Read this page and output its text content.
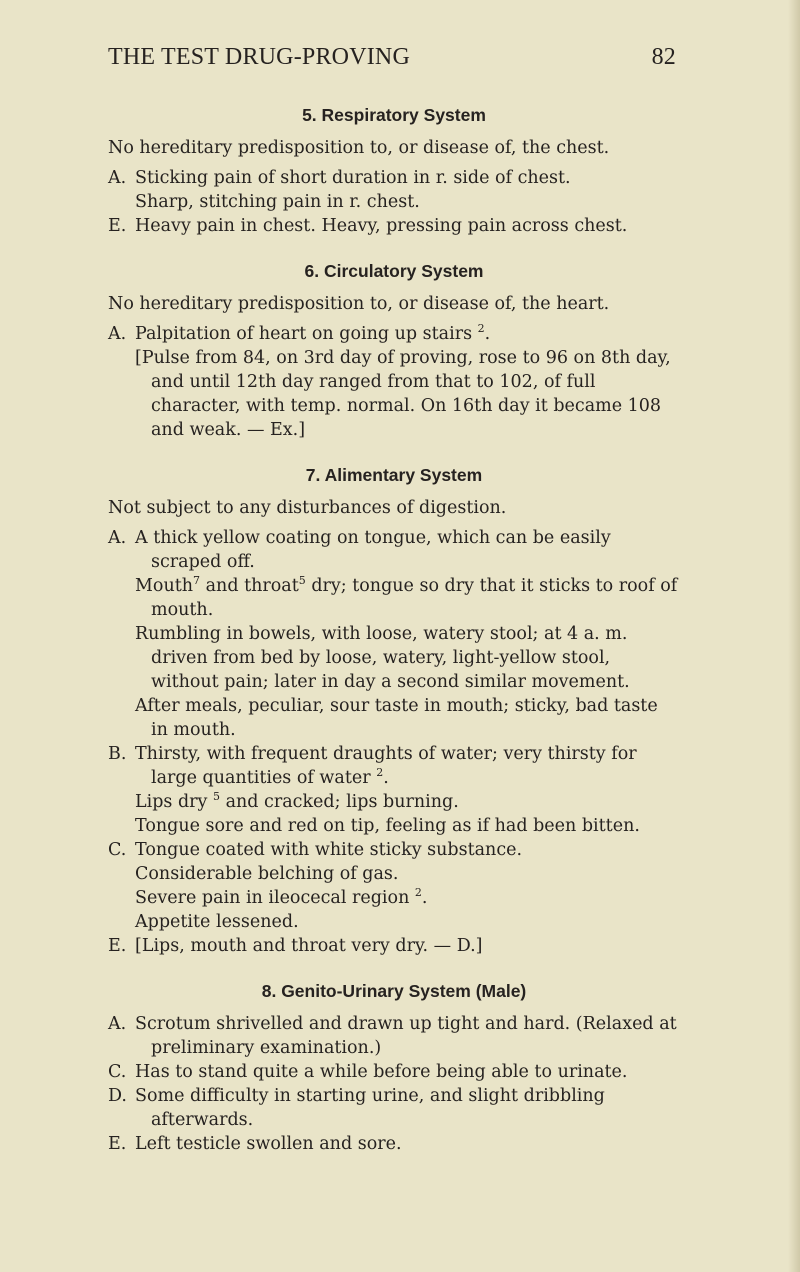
THE TEST DRUG-PROVING	82
5. Respiratory System
No hereditary predisposition to, or disease of, the chest.
A. Sticking pain of short duration in r. side of chest.
Sharp, stitching pain in r. chest.
E. Heavy pain in chest. Heavy, pressing pain across chest.
6. Circulatory System
No hereditary predisposition to, or disease of, the heart.
A. Palpitation of heart on going up stairs $^2$.
[Pulse from 84, on 3rd day of proving, rose to 96 on 8th day, and until 12th day ranged from that to 102, of full character, with temp. normal. On 16th day it became 108 and weak. — Ex.]
7. Alimentary System
Not subject to any disturbances of digestion.
A. A thick yellow coating on tongue, which can be easily scraped off.
Mouth$^7$ and throat$^5$ dry; tongue so dry that it sticks to roof of mouth.
Rumbling in bowels, with loose, watery stool; at 4 a. m. driven from bed by loose, watery, light-yellow stool, without pain; later in day a second similar movement.
After meals, peculiar, sour taste in mouth; sticky, bad taste in mouth.
B. Thirsty, with frequent draughts of water; very thirsty for large quantities of water $^2$.
Lips dry $^5$ and cracked; lips burning.
Tongue sore and red on tip, feeling as if had been bitten.
C. Tongue coated with white sticky substance.
Considerable belching of gas.
Severe pain in ileocecal region $^2$.
Appetite lessened.
E. [Lips, mouth and throat very dry. — D.]
8. Genito-Urinary System (Male)
A. Scrotum shrivelled and drawn up tight and hard. (Relaxed at preliminary examination.)
C. Has to stand quite a while before being able to urinate.
D. Some difficulty in starting urine, and slight dribbling afterwards.
E. Left testicle swollen and sore.
